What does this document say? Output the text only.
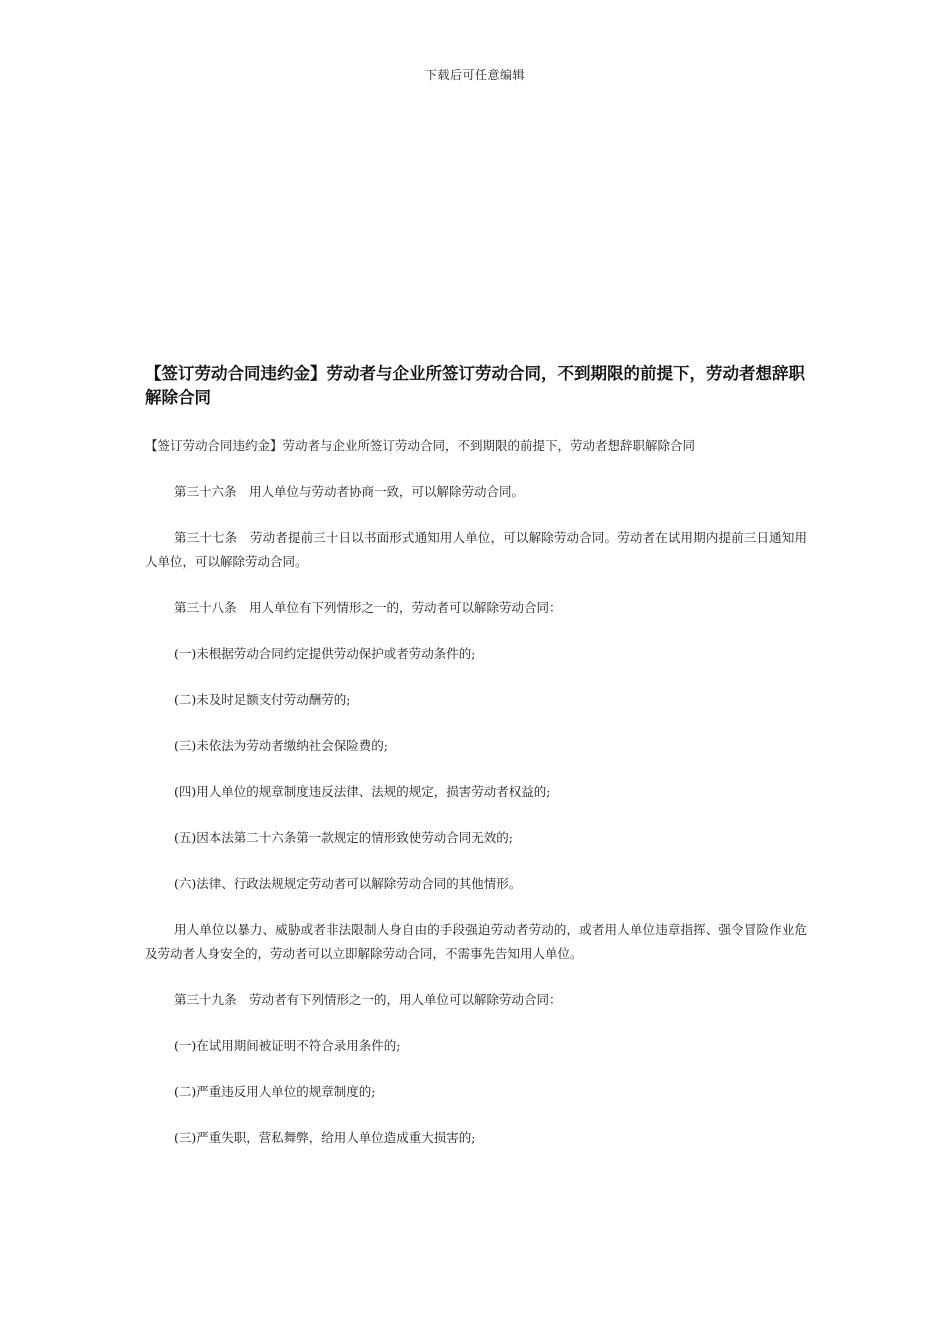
下载后可任意编辑
【签订劳动合同违约金】劳动者与企业所签订劳动合同，不到期限的前提下，劳动者想辞职解除合同

【签订劳动合同违约金】劳动者与企业所签订劳动合同，不到期限的前提下，劳动者想辞职解除合同

第三十六条　用人单位与劳动者协商一致，可以解除劳动合同。

第三十七条　劳动者提前三十日以书面形式通知用人单位，可以解除劳动合同。劳动者在试用期内提前三日通知用人单位，可以解除劳动合同。

第三十八条　用人单位有下列情形之一的，劳动者可以解除劳动合同：

(一)未根据劳动合同约定提供劳动保护或者劳动条件的;

(二)未及时足额支付劳动酬劳的;

(三)未依法为劳动者缴纳社会保险费的;

(四)用人单位的规章制度违反法律、法规的规定，损害劳动者权益的;

(五)因本法第二十六条第一款规定的情形致使劳动合同无效的;

(六)法律、行政法规规定劳动者可以解除劳动合同的其他情形。

用人单位以暴力、威胁或者非法限制人身自由的手段强迫劳动者劳动的，或者用人单位违章指挥、强令冒险作业危及劳动者人身安全的，劳动者可以立即解除劳动合同，不需事先告知用人单位。

第三十九条　劳动者有下列情形之一的，用人单位可以解除劳动合同：

(一)在试用期间被证明不符合录用条件的;

(二)严重违反用人单位的规章制度的;

(三)严重失职，营私舞弊，给用人单位造成重大损害的;
